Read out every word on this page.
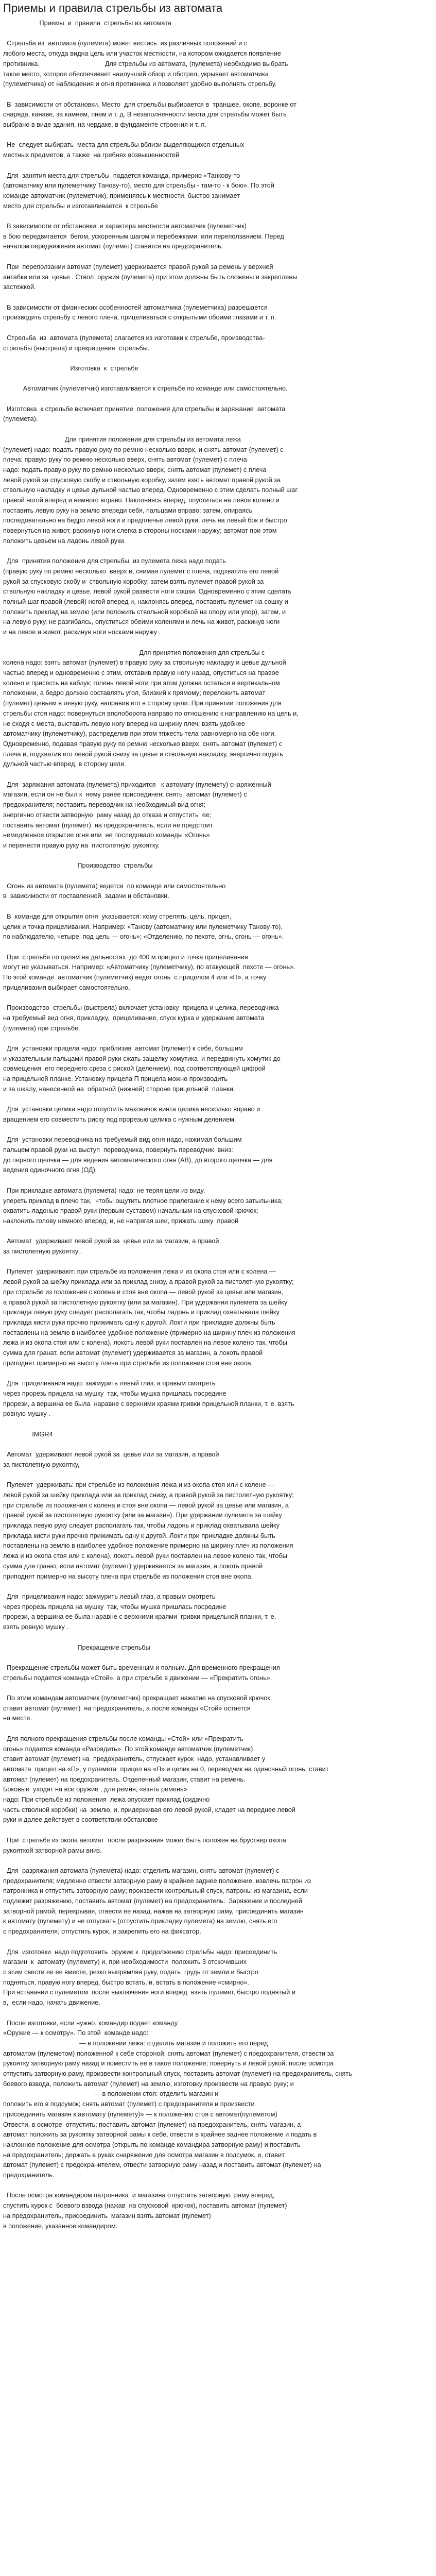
Приемы и правила стрельбы из автомата
Приемы  и  правила  стрельбы из автомата

Стрельба из  автомата (пулемета) может вестись  из различных положений и с
любого места, откуда видна цель или участок местности, на котором ожидается появление
противника.                                    Для стрельбы из автомата, (пулемета) необходимо выбрать
такое место, которое обеспечивает наилучший обзор и обстрел, укрывает автоматчика
(пулеметчика) от наблюдения и огня противника и позволяет удобно выполнять стрельбу.

В  зависимости от обстановки. Место  для стрельбы выбирается в  траншее, окопе, воронке от
снаряда, канаве, за камнем, пнем и т. д. В незаполненности места для стрельбы может быть
выбрано в виде здания, на чердаке, в фундаменте строения и т. п.

Не  следует выбирать  места для стрельбы вблизи выделяющихся отдельных
местных предметов, а также  на гребнях возвышенностей

Для  занятия места для стрельбы  подается команда, примерно «Танкову-то
(автоматчику или пулеметчику Танову-то), место для стрельбы - там-то - к бою». По этой
команде автоматчик (пулеметчик), применяясь к местности, быстро занимает
место для стрельбы и изготавливается  к стрельбе

В зависимости от обстановки  и характера местности автоматчик (пулеметчик)
в бою передвигается  бегом, ускоренным шагом и перебежками  или переползанием. Перед
началом передвижения автомат (пулемет) ставится на предохранитель.

При  переползании автомат (пулемет) удерживается правой рукой за ремень у верхней
антабки или за  цевье . Ствол  оружия (пулемета) при этом должны быть сложены и закреплены
застежкой.

В зависимости от физических особенностей автоматчика (пулеметчика) разрешается
производить стрельбу с левого плеча, прицеливаться с открытыми обоими глазами и т. п.

Стрельба  из  автомата (пулемета) слагается из изготовки к стрельбе, производства-
стрельбы (выстрела) и прекращения  стрельбы.

Изготовка  к  стрельбе

Автоматчик (пулеметчик) изготавливается к стрельбе по команде или самостоятельно.

Изготовка  к стрельбе включает принятие  положения для стрельбы и заряжание  автомата
(пулемета).

Для принятия положения для стрельбы из автомата лежа
(пулемет) надо: подать правую руку по ремню несколько вверх, и снять автомат (пулемет) с
плеча: правую руку по ремню несколько вверх, снять автомат (пулемет) с плеча
надо: подать правую руку по ремню несколько вверх, снять автомат (пулемет) с плеча
левой рукой за спусковую скобу и ствольную коробку, затем взять автомат правой рукой за
ствольную накладку и цевье дульной частью вперед. Одновременно с этим сделать полный шаг
правой ногой вперед и немного вправо. Наклоняясь вперед, опуститься на левое колено и
поставить левую руку на землю впереди себя, пальцами вправо; затем, опираясь
последовательно на бедро левой ноги и предплечье левой руки, лечь на левый бок и быстро
повернуться на живот, раскинув ноги слегка в стороны носками наружу; автомат при этом
положить цевьем на ладонь левой руки.

Для  принятия положения для стрельбы  из пулемета лежа надо подать
(правую руку по ремню несколько  вверх и, снимая пулемет с плеча, подхватить его левой
рукой за спусковую скобу и  ствольную коробку; затем взять пулемет правой рукой за
ствольную накладку и цевье, левой рукой развести ноги сошки. Одновременно с этим сделать
полный шаг правой (левой) ногой вперед и, наклонясь вперед, поставить пулемет на сошку и
положить приклад на землю (или положить ствольной коробкой на опору или упор), затем, и
на левую руку, не разгибаясь, опуститься обеими коленями и лечь на живот, раскинув ноги
и на левое и живот, раскинув ноги носками наружу .

Для принятия положения для стрельбы с
колена надо: взять автомат (пулемет) в правую руку за ствольную накладку и цевье дульной
частью вперед и одновременно с этим, отставив правую ногу назад, опуститься на правое
колено и присесть на каблук; голень левой ноги при этом должна остаться в вертикальном
положении, а бедро должно составлять угол, близкий к прямому; переложить автомат
(пулемет) цевьем в левую руку, направив его в сторону цели. При принятии положения для
стрельбы стоя надо: повернуться вполоборота направо по отношению к направлению на цель и,
не сходя с места, выставить левую ногу вперед на ширину плеч; взять удобнее
автоматчику (пулеметчику), распределив при этом тяжесть тела равномерно на обе ноги.
Одновременно, подавая правую руку по ремню несколько вверх, снять автомат (пулемет) с
плеча и, подхватив его левой рукой снизу за цевье и ствольную накладку, энергично подать
дульной частью вперед, в сторону цели.

Для  заряжания автомата (пулемета) приходится   к автомату (пулемету) снаряженный
магазин, если он не был к  нему ранее присоединен; снять  автомат (пулемет) с
предохранителя; поставить переводчик на необходимый вид огня;
энергично отвести затворную  раму назад до отказа и отпустить  ее;
поставить автомат (пулемет)  на предохранитель, если не предстоит
немедленное открытие огня или  не последовало команды «Огонь»
и перенести правую руку на  пистолетную рукоятку.

Производство  стрельбы

Огонь из автомата (пулемета) ведется  по команде или самостоятельно
в  зависимости от поставленной  задачи и обстановки.

В  команде для открытия огня  указывается: кому стрелять, цель, прицел,
целик и точка прицеливания. Например: «Танову (автоматчику или пулеметчику Танову-то),
по наблюдателю, четыре, под цель — огонь»; «Отделению, по пехоте, огнь, огонь — огонь».

При  стрельбе по целям на дальностях  до 400 м прицел и точка прицеливания
могут не указываться. Например: «Автоматчику (пулеметчику), по атакующей  пехоте — огонь».
По этой команде  автоматчик (пулеметчик) ведет огонь  с прицелом 4 или «П», а точку
прицеливания выбирает самостоятельно.

Производство  стрельбы (выстрела) включает установку  прицела и целика, переводчика
на требуемый вид огня, прикладку,  прицеливание, спуск курка и удержание автомата
(пулемета) при стрельбе.

Для  установки прицела надо: приблизив  автомат (пулемет) к себе, большим
и указательным пальцами правой руки сжать защелку хомутика  и передвинуть хомутик до
совмещения  его переднего среза с риской (делением), под соответствующей цифрой
на прицельной планке. Установку прицела П прицела можно производить
и за шкалу, нанесенной на  обратной (нижней) стороне прицельной  планки.

Для  установки целика надо отпустить маховичок винта целика несколько вправо и
вращением его совместить риску под прорезью целика с нужным делением.

Для  установки переводчика на требуемый вид огня надо, нажимая большим
пальцем правой руки на выступ  переводчика, повернуть переводчик  вниз:
до первого щелчка — для ведения автоматического огня (АВ), до второго щелчка — для
ведения одиночного огня (ОД).

При прикладке автомата (пулемета) надо: не теряя цели из виду,
упереть приклад в плечо так,  чтобы ощутить плотное прилегание к нему всего затыльника;
охватить ладонью правой руки (первым суставом) начальным на спусковой крючок;
наклонить голову немного вперед, и, не напрягая шеи, прижать щеку  правой

Автомат  удерживают левой рукой за  цевье или за магазин, а правой
за пистолетную рукоятку .

Пулемет  удерживают: при стрельбе из положения лежа и из окопа стоя или с колена —
левой рукой за шейку приклада или за приклад снизу, а правой рукой за пистолетную рукоятку;
при стрельбе из положения с колена и стоя вне окопа — левой рукой за цевье или магазин,
а правой рукой за пистолетную рукоятку (или за магазин). При удержании пулемета за шейку
приклада левую руку следует располагать так, чтобы ладонь и приклад охватывала шейку
приклада кисти руки прочно прижимать одну к другой. Локти при прикладке должны быть
поставлены на землю в наиболее удобное положение (примерно на ширину плеч из положения
лежа и из окопа стоя или с колена), локоть левой руки поставлен на левое колено так, чтобы
сумма для гранат, если автомат (пулемет) удерживается за магазин, а локоть правой
приподнят примерно на высоту плеча при стрельбе из положения стоя вне окопа.

Для  прицеливания надо: зажмурить левый глаз, а правым смотреть
через прорезь прицела на мушку  так, чтобы мушка пришлась посредине
прорези, а вершина ее была  наравне с верхними краями гривки прицельной планки, т. е. взять
ровную мушку .

IMGR4

Автомат  удерживают левой рукой за  цевье или за магазин, а правой
за пистолетную рукоятку,

Пулемет  удерживать: при стрельбе из положения лежа и из окопа стоя или с колене —
левой рукой за шейку приклада или за приклад снизу, а правой рукой за пистолетную рукоятку;
при стрельбе из положения с колена и стоя вне окопа — левой рукой за цевье или магазин, а
правой рукой за пистолетную рукоятку (или за магазин). При удержании пулемета за шейку
приклада левую руку следует располагать так, чтобы ладонь и приклад охватывала шейку
приклада кисти руки прочно прижимать одну к другой. Локти при прикладке должны быть
поставлены на землю в наиболее удобное положение примерно на ширину плеч из положения
лежа и из окопа стоя или с колена), локоть левой руки поставлен на левое колено так, чтобы
сумма для гранат, если автомат (пулемет) удерживается за магазин, а локоть правой
приподнят примерно на высоту плеча при стрельбе из положения стоя вне окопа.

Для  прицеливания надо: зажмурить левый глаз, а правым смотреть
через прорезь прицела на мушку  так, чтобы мушка пришлась посредине
прорези, а вершина ее была наравне с верхними краями  гривки прицельной планки, т. е.
взять ровную мушку .

Прекращение стрельбы

Прекращение стрельбы может быть временным и полным. Для временного прекращения
стрельбы подается команда «Стой», а при стрельбе в движении — «Прекратить огонь».

По этим командам автоматчик (пулеметчик) прекращает нажатие на спусковой крючок,
ставит автомат (пулемет)  на предохранитель, а после команды «Стой» остается
на месте.

Для полного прекращения стрельбы после команды «Стой» или «Прекратить
огонь» подается команда «Разрядить». По этой команде автоматчик (пулеметчик)
ставит автомат (пулемет) на  предохранитель, отпускает курок  надо, устанавливает у
автомата  прицел на «П», у пулемета  прицел на «П» и целик на 0, переводчик на одиночный огонь, ставит
автомат (пулемет) на предохранитель. Отделенный магазин, ставит на ремень.
Боковые  уходят на все оружие , для ремня, «взять ремень»
надо: При стрельбе из положения  лежа опускает приклад (сидачно
часть стволной коробки) на  землю, и, придерживая его левой рукой, кладет на переднее левой
руки и далее действует в соответствии обстановке

При  стрельбе из окопа автомат  после разряжания может быть положен на бруствер окопа
рукояткой затворной рамы вниз.

Для  разряжания автомата (пулемета) надо: отделить магазин, снять автомат (пулемет) с
предохранителя; медленно отвести затворную раму в крайнее заднее положение, извлечь патрон из
патронника и отпустить затворную раму; произвести контрольный спуск, патроны из магазина, если
подлежит разряжению, поставить автомат (пулемет) на предохранитель.  Заряжение и последней
затворной рамой, перекрывая, отвести ее назад, нажав на затворную раму, присоединить магазин
к автомату (пулемету) и не отпускать (отпустить прикладку пулемета) на землю, снять его
с предохранителя, отпустить курок, и закрепить его на фиксатор.

Для  изготовки  надо подготовить  оружие к  продолжению стрельбы надо: присоединить
магазин  к  автомату (пулемету) и, при необходимости  положить 3 отскочивших
с этим свести ее ее вместе, резко выпрямляя руку, подать  грудь от земли и быстро
подняться, правую ногу вперед, быстро встать, и, встать в положение «смирно».
При вставании с пулеметом  после выключения ноги вперед  взять пулемет, быстро поднятый и
в,  если надо, начать движение.

После изготовки, если нужно, командир подает команду
«Оружие — к осмотру». По этой  команде надо:
— в положении лежа: отделить магазин и положить его перед
автоматом (пулеметом) положенной к себе стороной; снять автомат (пулемет) с предохранителя, отвести за
рукоятку затворную раму назад и поместить ее в такое положение; повернуть и левой рукой, после осмотра
отпустить затворную раму, произвести контрольный спуск, поставить автомат (пулемет) на предохранитель, снять
боевого взвода, положить автомат (пулемет) на землю, изготовку произвести на правую руку; и
— в положении стоя: отделить магазин и
положить его в подсумок; снять автомат (пулемет) с предохранителя и произвести
присоединить магазин к автомату (пулемету)» — к положению стоя с автомат(пулеметом)
Отвести, в осмотре  отпустить; поставить автомат (пулемет) на предохранитель, снять магазин, а
автомат положить за рукоятку затворной рамы к себе, отвести в крайнее заднее положение и подать в
наклонное положение для осмотра (открыть по команде командира затворную раму) и поставить
на предохранитель; держать в руках снаряжение для осмотра магазин в подсумок, и, ставит
автомат (пулемет) с предохранителем, отвести затворную раму назад и поставить автомат (пулемет) на
предохранитель.

После осмотра командиром патронника  и магазина отпустить затворную  раму вперед,
спустить курок с  боевого взвода (нажав  на спусковой  крючок), поставить автомат (пулемет)
на предохранитель, присоединить  магазин взять автомат (пулемет)
в положение, указанное командиром.
